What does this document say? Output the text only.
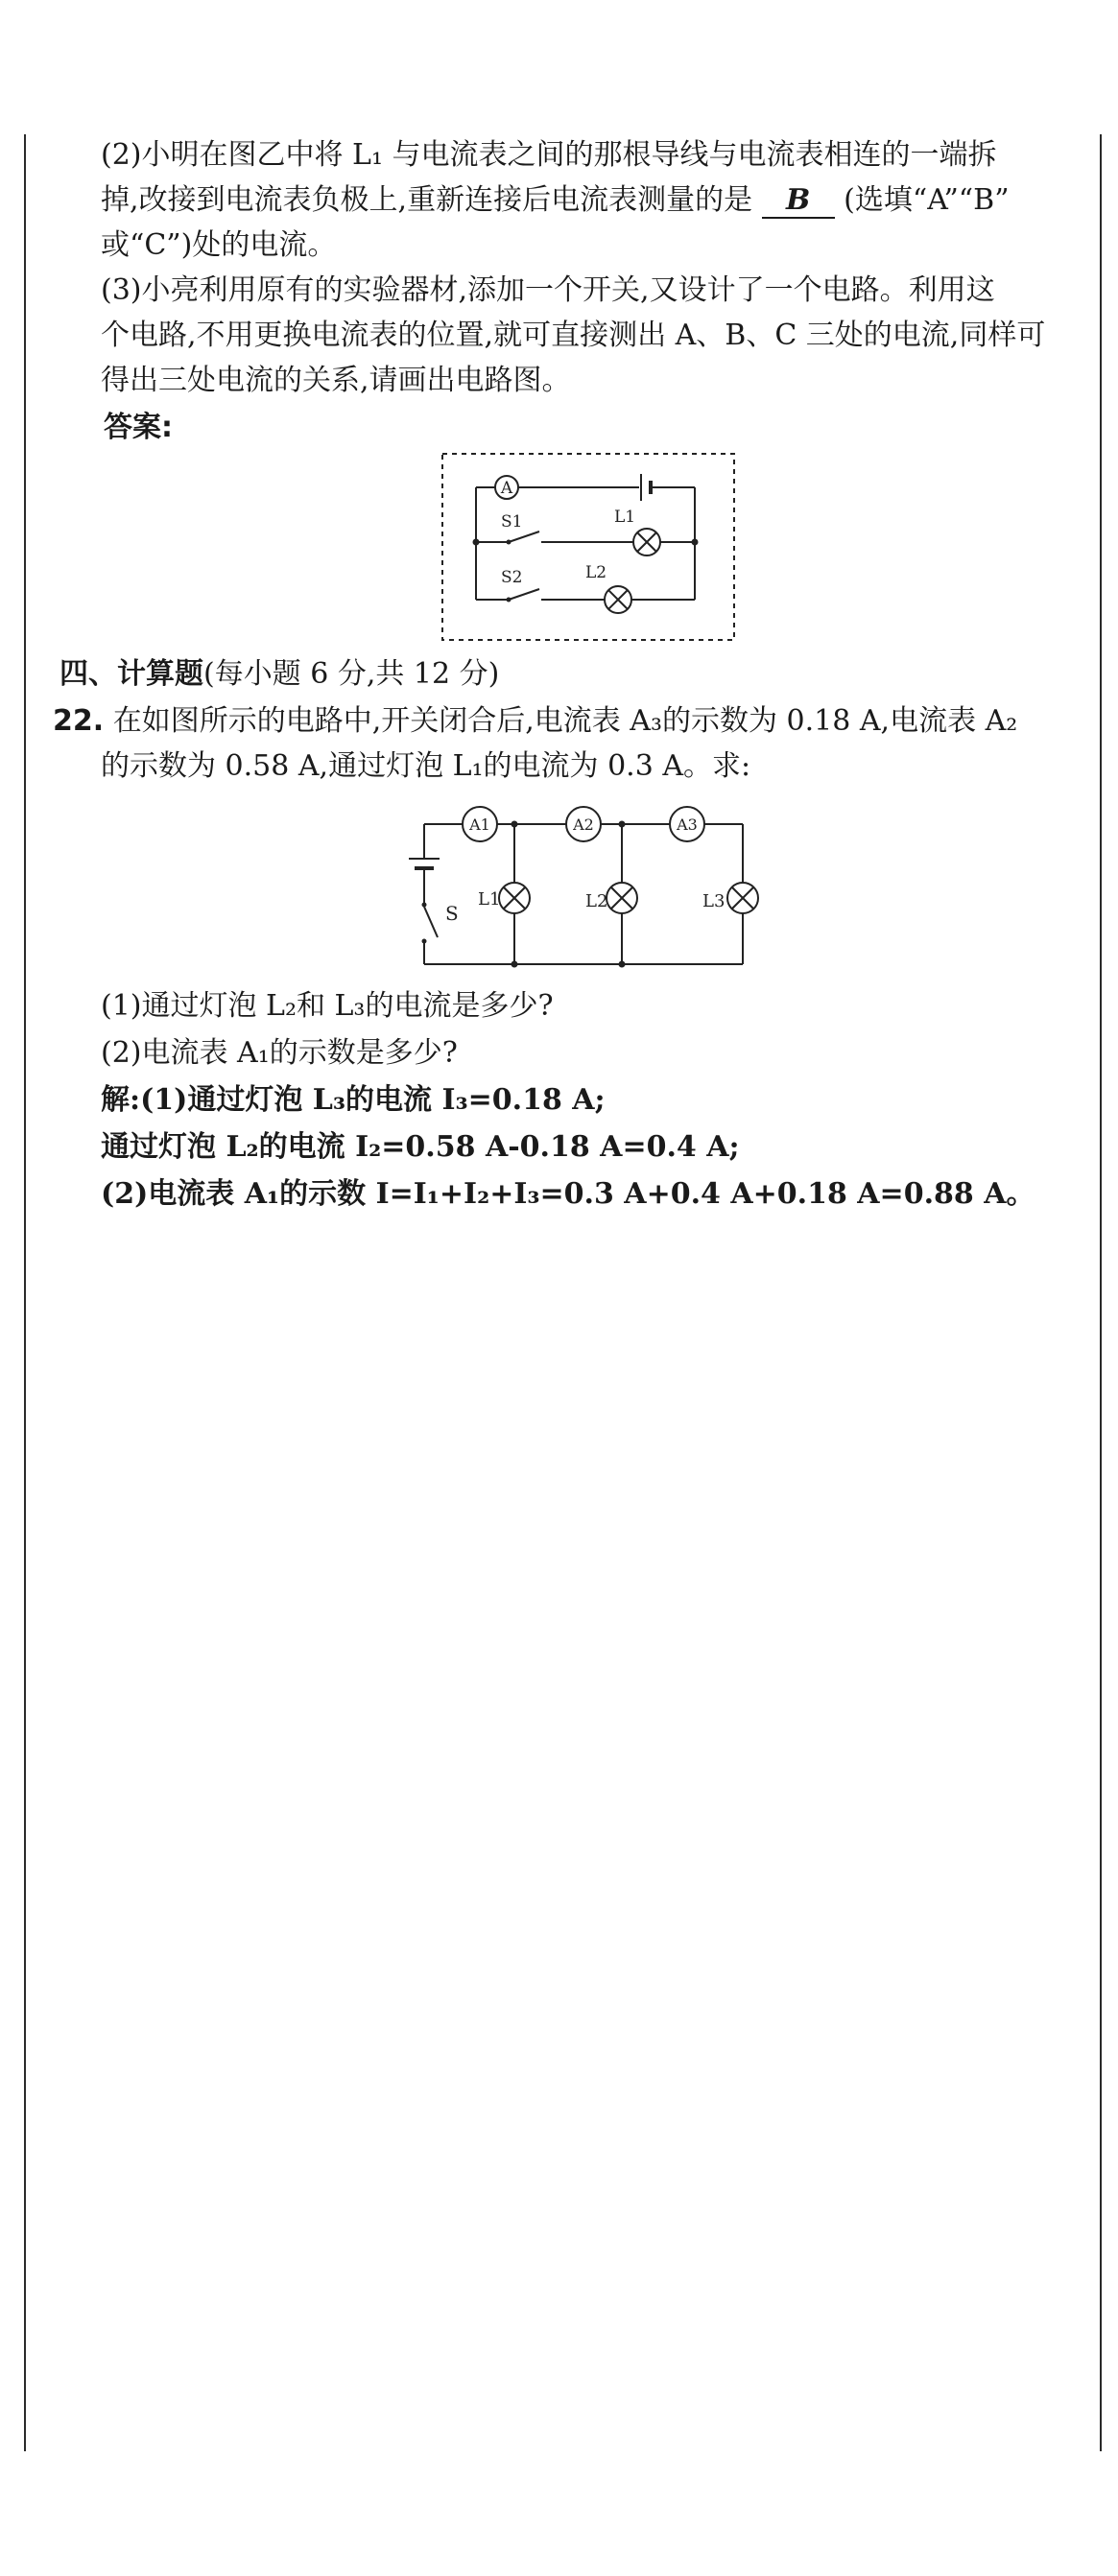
(2)小明在图乙中将 L₁ 与电流表之间的那根导线与电流表相连的一端拆
掉,改接到电流表负极上,重新连接后电流表测量的是 B (选填“A”“B”
或“C”)处的电流。
(3)小亮利用原有的实验器材,添加一个开关,又设计了一个电路。利用这
个电路,不用更换电流表的位置,就可直接测出 A、B、C 三处的电流,同样可
得出三处电流的关系,请画出电路图。
答案:
A
S1	L1
S2	L2
四、计算题(每小题 6 分,共 12 分)
22. 在如图所示的电路中,开关闭合后,电流表 A₃的示数为 0.18 A,电流表 A₂
的示数为 0.58 A,通过灯泡 L₁的电流为 0.3 A。求:
A1	A2	A3
L1	L2	L3
S
(1)通过灯泡 L₂和 L₃的电流是多少?
(2)电流表 A₁的示数是多少?
解:(1)通过灯泡 L₃的电流 I₃=0.18 A;
通过灯泡 L₂的电流 I₂=0.58 A-0.18 A=0.4 A;
(2)电流表 A₁的示数 I=I₁+I₂+I₃=0.3 A+0.4 A+0.18 A=0.88 A。
